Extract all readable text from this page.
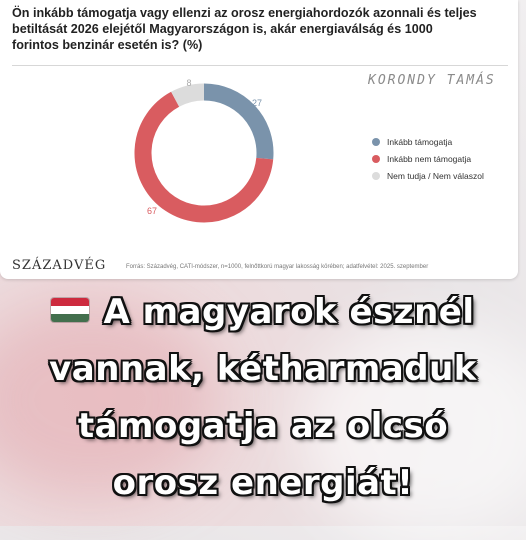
Ön inkább támogatja vagy ellenzi az orosz energiahordozók azonnali és teljes betiltását 2026 elejétől Magyarországon is, akár energiaválság és 1000 forintos benzinár esetén is? (%)

KORONDY TAMÁS
27
67
8
Inkább támogatja
Inkább nem támogatja
Nem tudja / Nem válaszol
SZÁZADVÉG	Forrás: Századvég, CATI-módszer, n=1000, felnőttkorú magyar lakosság körében; adatfelvétel: 2025. szeptember
A magyarok észnél
vannak, kétharmaduk
támogatja az olcsó
orosz energiát!
